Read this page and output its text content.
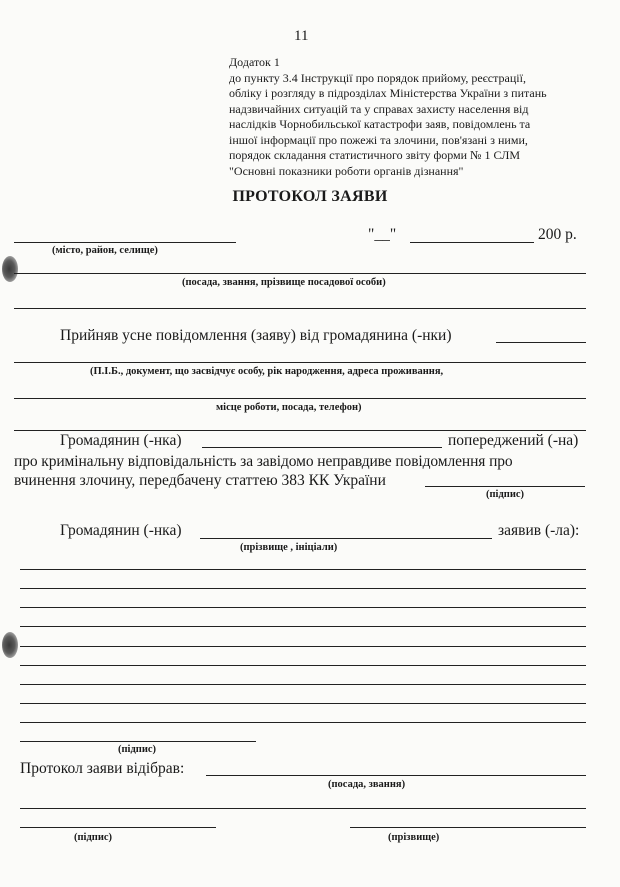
11
Додаток 1
до пункту 3.4 Інструкції про порядок прийому, реєстрації,
обліку і розгляду в підрозділах Міністерства України з питань
надзвичайних ситуацій та у справах захисту населення від
наслідків Чорнобильської катастрофи заяв, повідомлень та
іншої інформації про пожежі та злочини, пов'язані з ними,
порядок складання статистичного звіту форми № 1 СЛМ
"Основні показники роботи органів дізнання"
ПРОТОКОЛ ЗАЯВИ
(місто, район, селище)
"__"	200 р.
(посада, звання, прізвище посадової особи)
Прийняв усне повідомлення (заяву) від громадянина (-нки)
(П.І.Б., документ, що засвідчує особу, рік народження, адреса проживання,
місце роботи, посада, телефон)
Громадянин (-нка)	попереджений (-на)
про кримінальну відповідальність за завідомо неправдиве повідомлення про
вчинення злочину, передбачену статтею 383 КК України
(підпис)
Громадянин (-нка)	заявив (-ла):
(прізвище , ініціали)
(підпис)
Протокол заяви відібрав:
(посада, звання)
(підпис)	(прізвище)
